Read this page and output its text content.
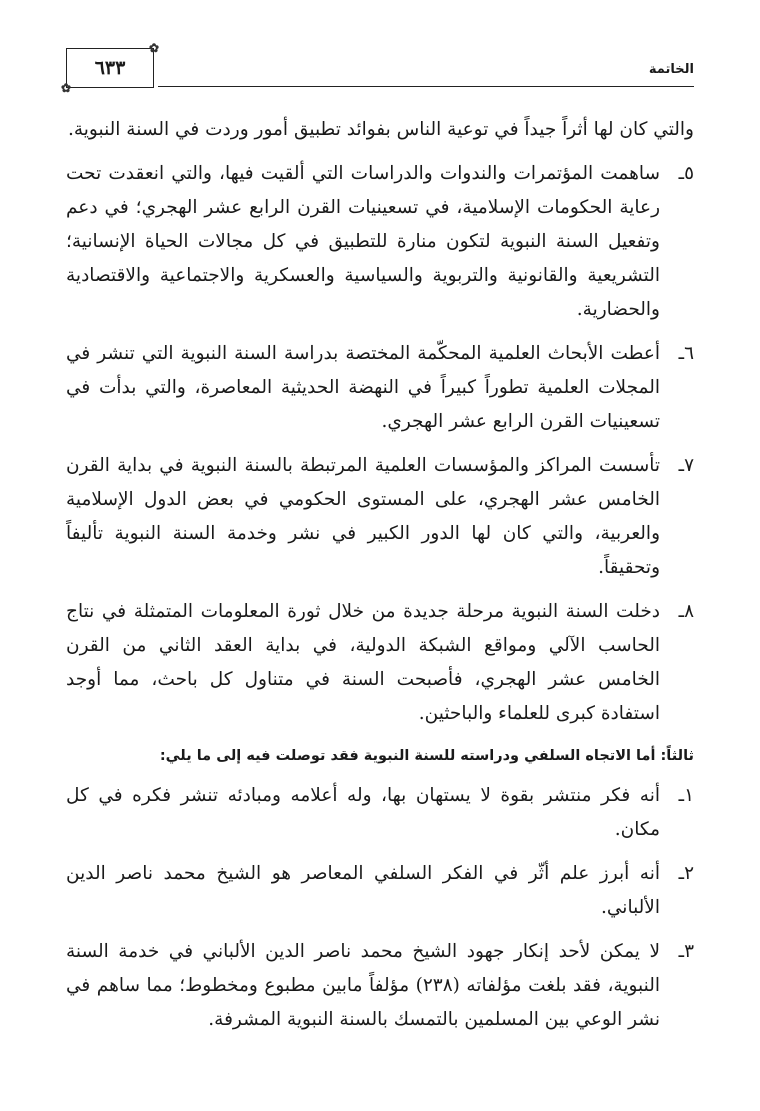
✿
٦٣٣
✿
الخاتمة

والتي كان لها أثراً جيداً في توعية الناس بفوائد تطبيق أمور وردت في السنة النبوية.

٥ـ
ساهمت المؤتمرات والندوات والدراسات التي ألقيت فيها، والتي انعقدت تحت رعاية الحكومات الإسلامية، في تسعينيات القرن الرابع عشر الهجري؛ في دعم وتفعيل السنة النبوية لتكون منارة للتطبيق في كل مجالات الحياة الإنسانية؛ التشريعية والقانونية والتربوية والسياسية والعسكرية والاجتماعية والاقتصادية والحضارية.
٦ـ
أعطت الأبحاث العلمية المحكّمة المختصة بدراسة السنة النبوية التي تنشر في المجلات العلمية تطوراً كبيراً في النهضة الحديثية المعاصرة، والتي بدأت في تسعينيات القرن الرابع عشر الهجري.
٧ـ
تأسست المراكز والمؤسسات العلمية المرتبطة بالسنة النبوية في بداية القرن الخامس عشر الهجري، على المستوى الحكومي في بعض الدول الإسلامية والعربية، والتي كان لها الدور الكبير في نشر وخدمة السنة النبوية تأليفاً وتحقيقاً.
٨ـ
دخلت السنة النبوية مرحلة جديدة من خلال ثورة المعلومات المتمثلة في نتاج الحاسب الآلي ومواقع الشبكة الدولية، في بداية العقد الثاني من القرن الخامس عشر الهجري، فأصبحت السنة في متناول كل باحث، مما أوجد استفادة كبرى للعلماء والباحثين.

ثالثاً: أما الاتجاه السلفي ودراسته للسنة النبوية فقد توصلت فيه إلى ما يلي:

١ـ
أنه فكر منتشر بقوة لا يستهان بها، وله أعلامه ومبادئه تنشر فكره في كل مكان.
٢ـ
أنه أبرز علم أثّر في الفكر السلفي المعاصر هو الشيخ محمد ناصر الدين الألباني.
٣ـ
لا يمكن لأحد إنكار جهود الشيخ محمد ناصر الدين الألباني في خدمة السنة النبوية، فقد بلغت مؤلفاته (٢٣٨) مؤلفاً مابين مطبوع ومخطوط؛ مما ساهم في نشر الوعي بين المسلمين بالتمسك بالسنة النبوية المشرفة.
